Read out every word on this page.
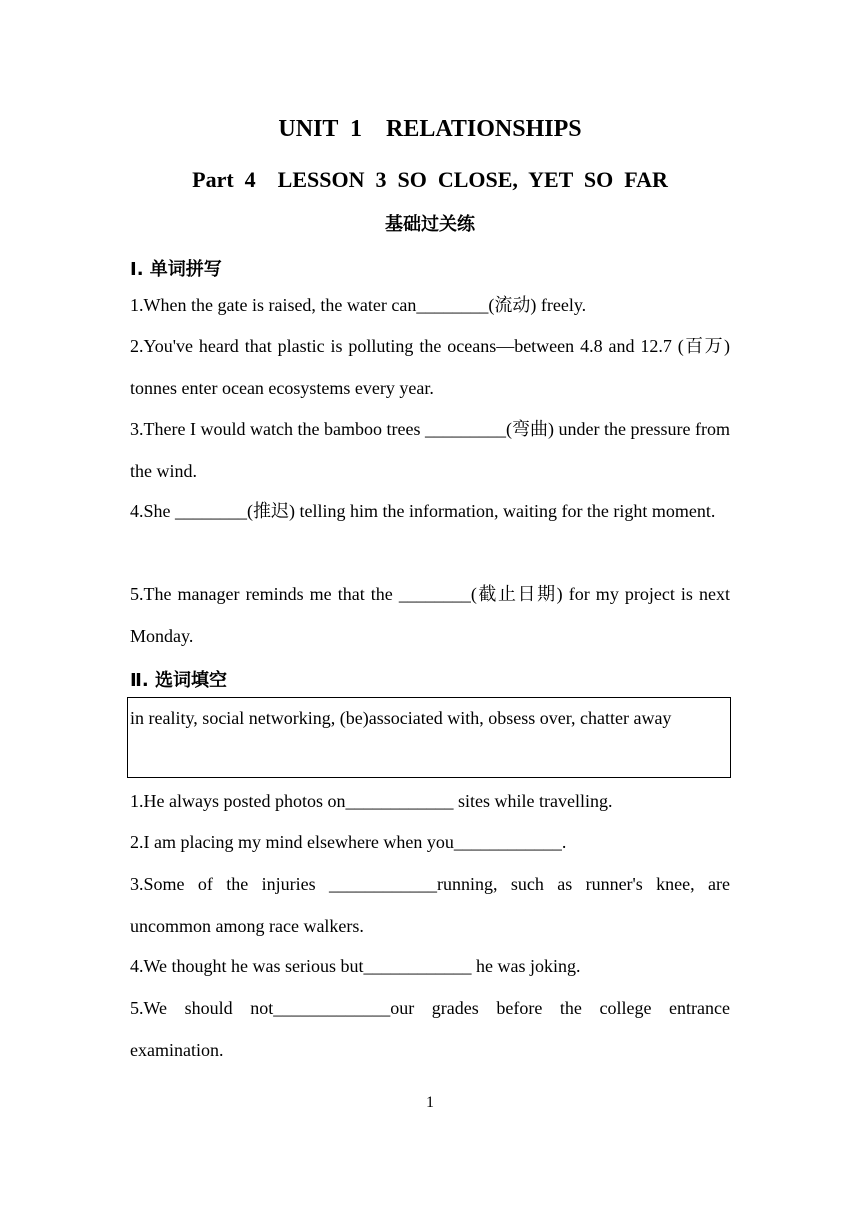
UNIT  1    RELATIONSHIPS
Part  4    LESSON  3  SO  CLOSE,  YET  SO  FAR
基础过关练
Ⅰ. 单词拼写
1.When the gate is raised, the water can________(流动) freely.
2.You've heard that plastic is polluting the oceans—between 4.8 and 12.7 (百万) tonnes enter ocean ecosystems every year.
3.There I would watch the bamboo trees _________(弯曲) under the pressure from the wind.
4.She ________(推迟) telling him the information, waiting for the right moment.
5.The manager reminds me that the ________(截止日期) for my project is next Monday.
Ⅱ. 选词填空
in reality, social networking, (be)associated with, obsess over, chatter away
1.He always posted photos on____________ sites while travelling.
2.I am placing my mind elsewhere when you____________.
3.Some of the injuries ____________running, such as runner's knee, are uncommon among race walkers.
4.We thought he was serious but____________ he was joking.
5.We should not_____________our grades before the college entrance examination.
1
